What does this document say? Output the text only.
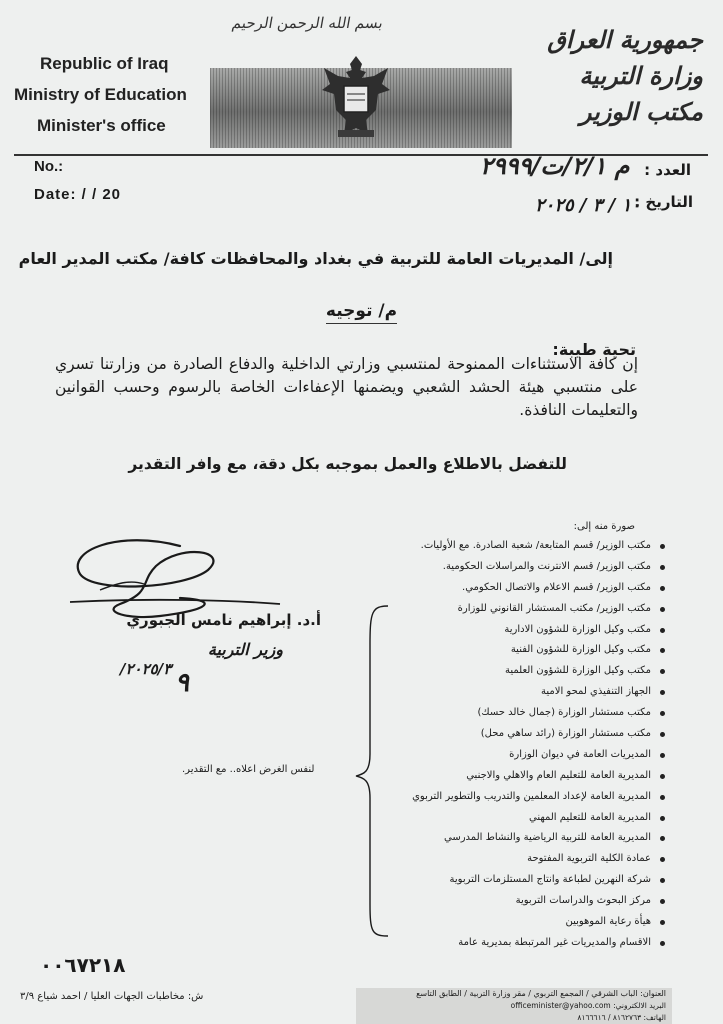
بسم الله الرحمن الرحيم
Republic of Iraq
Ministry of Education
Minister's office
جمهورية العراق
وزارة التربية
مكتب الوزير
No.:
Date: / / 20
العدد :
م ٢/١/ت/٢٩٩٩
التاريخ :
١٠ / ٣ / ٢٠٢٥
إلى/ المديريات العامة للتربية في بغداد والمحافظات كافة/ مكتب المدير العام
م/ توجيه
تحية طيبة:
إن كافة الاستثناءات الممنوحة لمنتسبي وزارتي الداخلية والدفاع الصادرة من وزارتنا تسري على منتسبي هيئة الحشد الشعبي ويضمنها الإعفاءات الخاصة بالرسوم وحسب القوانين والتعليمات النافذة.
للتفضل بالاطلاع والعمل بموجبه بكل دقة، مع وافر التقدير
أ.د. إبراهيم نامس الجبوري
وزير التربية
٢٠٢٥/٣/ ٩
صورة منه إلى:
مكتب الوزير/ قسم المتابعة/ شعبة الصادرة. مع الأوليات.
مكتب الوزير/ قسم الانترنت والمراسلات الحكومية.
مكتب الوزير/ قسم الاعلام والاتصال الحكومي.
مكتب الوزير/ مكتب المستشار القانوني للوزارة
مكتب وكيل الوزارة للشؤون الادارية
مكتب وكيل الوزارة للشؤون الفنية
مكتب وكيل الوزارة للشؤون العلمية
الجهاز التنفيذي لمحو الامية
مكتب مستشار الوزارة (جمال خالد حسك)
مكتب مستشار الوزارة (رائد ساهي محل)
المديريات العامة في ديوان الوزارة
المديرية العامة للتعليم العام والاهلي والاجنبي
المديرية العامة لإعداد المعلمين والتدريب والتطوير التربوي
المديرية العامة للتعليم المهني
المديرية العامة للتربية الرياضية والنشاط المدرسي
عمادة الكلية التربوية المفتوحة
شركة النهرين لطباعة وانتاج المستلزمات التربوية
مركز البحوث والدراسات التربوية
هيأة رعاية الموهوبين
الاقسام والمديريات غير المرتبطة بمديرية عامة
لنفس الغرض اعلاه.. مع التقدير.
٠٠٦٧٢١٨
ش: مخاطبات الجهات العليا / احمد شياع ٣/٩	العنوان: الباب الشرقي / المجمع التربوي / مقر وزارة التربية / الطابق التاسع
البريد الالكتروني: officeminister@yahoo.com
الهاتف: ٨١٦٢٧٦٣ / ٨١٦٦٦١٦
